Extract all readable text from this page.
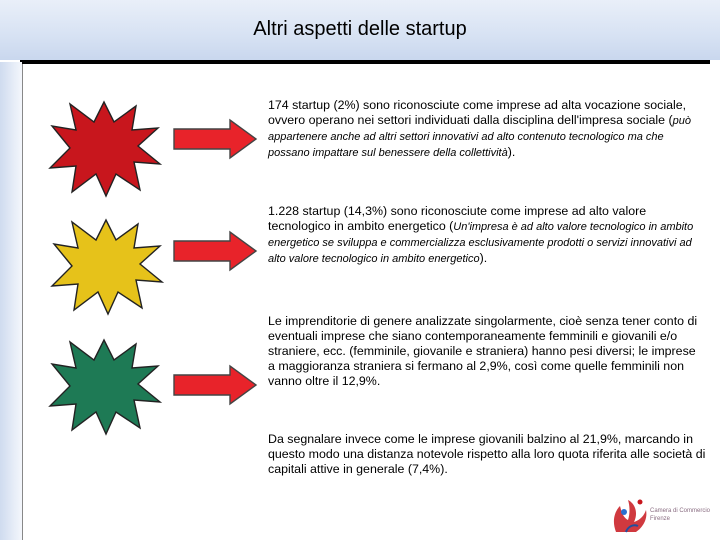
Altri aspetti delle startup
174 startup (2%) sono riconosciute come imprese ad alta vocazione sociale, ovvero operano nei settori individuati dalla disciplina dell'impresa sociale (può appartenere anche ad altri settori innovativi ad alto contenuto tecnologico ma che possano impattare sul benessere della collettività).
1.228 startup (14,3%) sono riconosciute come imprese ad alto valore tecnologico in ambito energetico (Un'impresa è ad alto valore tecnologico in ambito energetico se sviluppa e commercializza esclusivamente prodotti o servizi innovativi ad alto valore tecnologico in ambito energetico).
Le imprenditorie di genere analizzate singolarmente, cioè senza tener conto di eventuali imprese che siano contemporaneamente femminili e giovanili e/o straniere, ecc. (femminile, giovanile e straniera) hanno pesi diversi; le imprese a maggioranza straniera si fermano al 2,9%, così come quelle femminili non vanno oltre il 12,9%.
Da segnalare invece come le imprese giovanili balzino al 21,9%, marcando in questo modo una distanza notevole rispetto alla loro quota riferita alle società di capitali attive in generale (7,4%).
Camera di Commercio
Firenze
